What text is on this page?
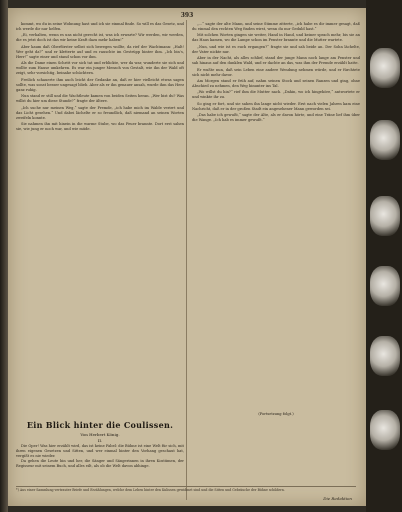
393

kommt, wo du in seine Wohnung hast und ich sie einmal finde. So will es das Gesetz, und ich werde dir nur helfen.

„Ei, verhalten, wenn es uns nicht gerecht ist, was ich erwarte? Wir werden, wir werden, die es jetzt doch ist das wir keine Kraft dazu mehr haben!“

Aber kaum daß Oberförster selbst sich bewegen wollte, da rief der Wachtmann: „Halt! Wer geht da?“ und er kletterte auf und es rauschte im Gestrüpp hinter ihm. „Ich bin’s, Herr!“ sagte einer und stand schon vor ihm.

Als die Dame einen Schritt vor sich tat und erblickte, wer da war, wunderte sie sich und wollte zum Hause umkehren. Es war ein junger Mensch von Gestalt, wie ihn der Wald oft zeigt, sehr vorsichtig, beinahe schüchtern.

Freilich schauerte ihm auch leicht der Gedanke an, daß er hier vielleicht etwas sagen sollte, was sonst besser ungesagt blieb. Aber als er ihn genauer ansah, wurde ihm das Herz ganz ruhig.

Nun stand er still und die Wachtleute kamen von beiden Seiten heran. „Wer bist du? Was willst du hier um diese Stunde?“ fragte der ältere.

„Ich suche nur meinen Weg,“ sagte der Fremde, „ich habe mich im Walde verirrt und das Licht gesehen.“ Und dabei lächelte er so freundlich, daß niemand an seinen Worten zweifeln konnte.

Sie nahmen ihn mit hinein in die warme Stube, wo das Feuer brannte. Dort erst sahen sie, wie jung er noch war, und wie müde.

„...“ sagte der alte Mann, und seine Stimme zitterte, „ich habe es dir immer gesagt, daß du einmal den rechten Weg finden wirst, wenn du nur Geduld hast.“

Mit solchen Worten gingen sie weiter, Hand in Hand, und keiner sprach mehr, bis sie an das Haus kamen, wo die Lampe schon im Fenster brannte und die Mutter wartete.

„Nun, und wie ist es euch ergangen?“ fragte sie und sah beide an. Der Sohn lächelte, der Vater nickte nur.

Aber in der Nacht, als alles schlief, stand der junge Mann noch lange am Fenster und sah hinaus auf den dunklen Wald, und er dachte an das, was ihm der Fremde erzählt hatte.

Er wußte nun, daß sein Leben eine andere Wendung nehmen würde, und er fürchtete sich nicht mehr davor.

Am Morgen stand er früh auf, nahm seinen Stock und seinen Ranzen und ging, ohne Abschied zu nehmen, den Weg hinunter ins Tal.

„Wo willst du hin?“ rief ihm die Mutter nach. „Dahin, wo ich hingehöre,“ antwortete er und winkte ihr zu.

So ging er fort, und sie sahen ihn lange nicht wieder. Erst nach vielen Jahren kam eine Nachricht, daß er in der großen Stadt ein angesehener Mann geworden sei.

„Das habe ich gewußt,“ sagte der Alte, als er davon hörte, und eine Träne lief ihm über die Wange. „Ich hab es immer gewußt.“

(Fortsetzung folgt.)
Ein Blick hinter die Coulissen.
Von Herbert König.
II.

Die Oper! Was hier erzählt wird, das ist keine Fabel: die Bühne ist eine Welt für sich, mit ihren eigenen Gesetzen und Sitten, und wer einmal hinter den Vorhang geschaut hat, vergißt es nie wieder.

Da gehen die Leute hin und her, die Sänger und Sängerinnen in ihren Kostümen, der Regisseur mit seinem Buch, und alles eilt, als ob die Welt davon abhinge.

*) Aus einer Sammlung vertrauter Briefe und Erzählungen, welche dem Leben hinter den Kulissen gewidmet sind und die Sitten und Gebräuche der Bühne schildern.
Die Redaktion
